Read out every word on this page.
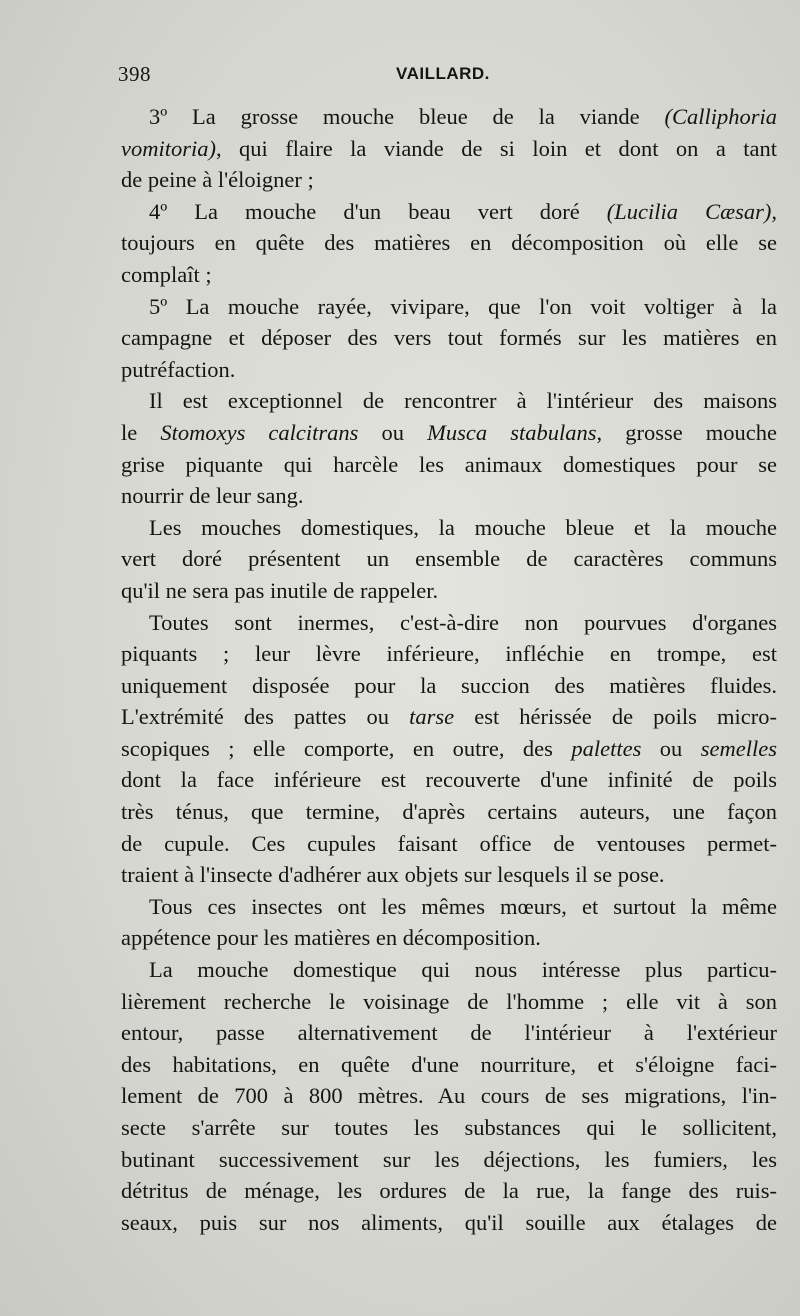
398	VAILLARD.
3º La grosse mouche bleue de la viande (Calliphoria
vomitoria), qui flaire la viande de si loin et dont on a tant
de peine à l'éloigner ;
4º La mouche d'un beau vert doré (Lucilia Cæsar),
toujours en quête des matières en décomposition où elle se
complaît ;
5º La mouche rayée, vivipare, que l'on voit voltiger à la
campagne et déposer des vers tout formés sur les matières en
putréfaction.
Il est exceptionnel de rencontrer à l'intérieur des maisons
le Stomoxys calcitrans ou Musca stabulans, grosse mouche
grise piquante qui harcèle les animaux domestiques pour se
nourrir de leur sang.
Les mouches domestiques, la mouche bleue et la mouche
vert doré présentent un ensemble de caractères communs
qu'il ne sera pas inutile de rappeler.
Toutes sont inermes, c'est-à-dire non pourvues d'organes
piquants ; leur lèvre inférieure, infléchie en trompe, est
uniquement disposée pour la succion des matières fluides.
L'extrémité des pattes ou tarse est hérissée de poils micro-
scopiques ; elle comporte, en outre, des palettes ou semelles
dont la face inférieure est recouverte d'une infinité de poils
très ténus, que termine, d'après certains auteurs, une façon
de cupule. Ces cupules faisant office de ventouses permet-
traient à l'insecte d'adhérer aux objets sur lesquels il se pose.
Tous ces insectes ont les mêmes mœurs, et surtout la même
appétence pour les matières en décomposition.
La mouche domestique qui nous intéresse plus particu-
lièrement recherche le voisinage de l'homme ; elle vit à son
entour, passe alternativement de l'intérieur à l'extérieur
des habitations, en quête d'une nourriture, et s'éloigne faci-
lement de 700 à 800 mètres. Au cours de ses migrations, l'in-
secte s'arrête sur toutes les substances qui le sollicitent,
butinant successivement sur les déjections, les fumiers, les
détritus de ménage, les ordures de la rue, la fange des ruis-
seaux, puis sur nos aliments, qu'il souille aux étalages de
